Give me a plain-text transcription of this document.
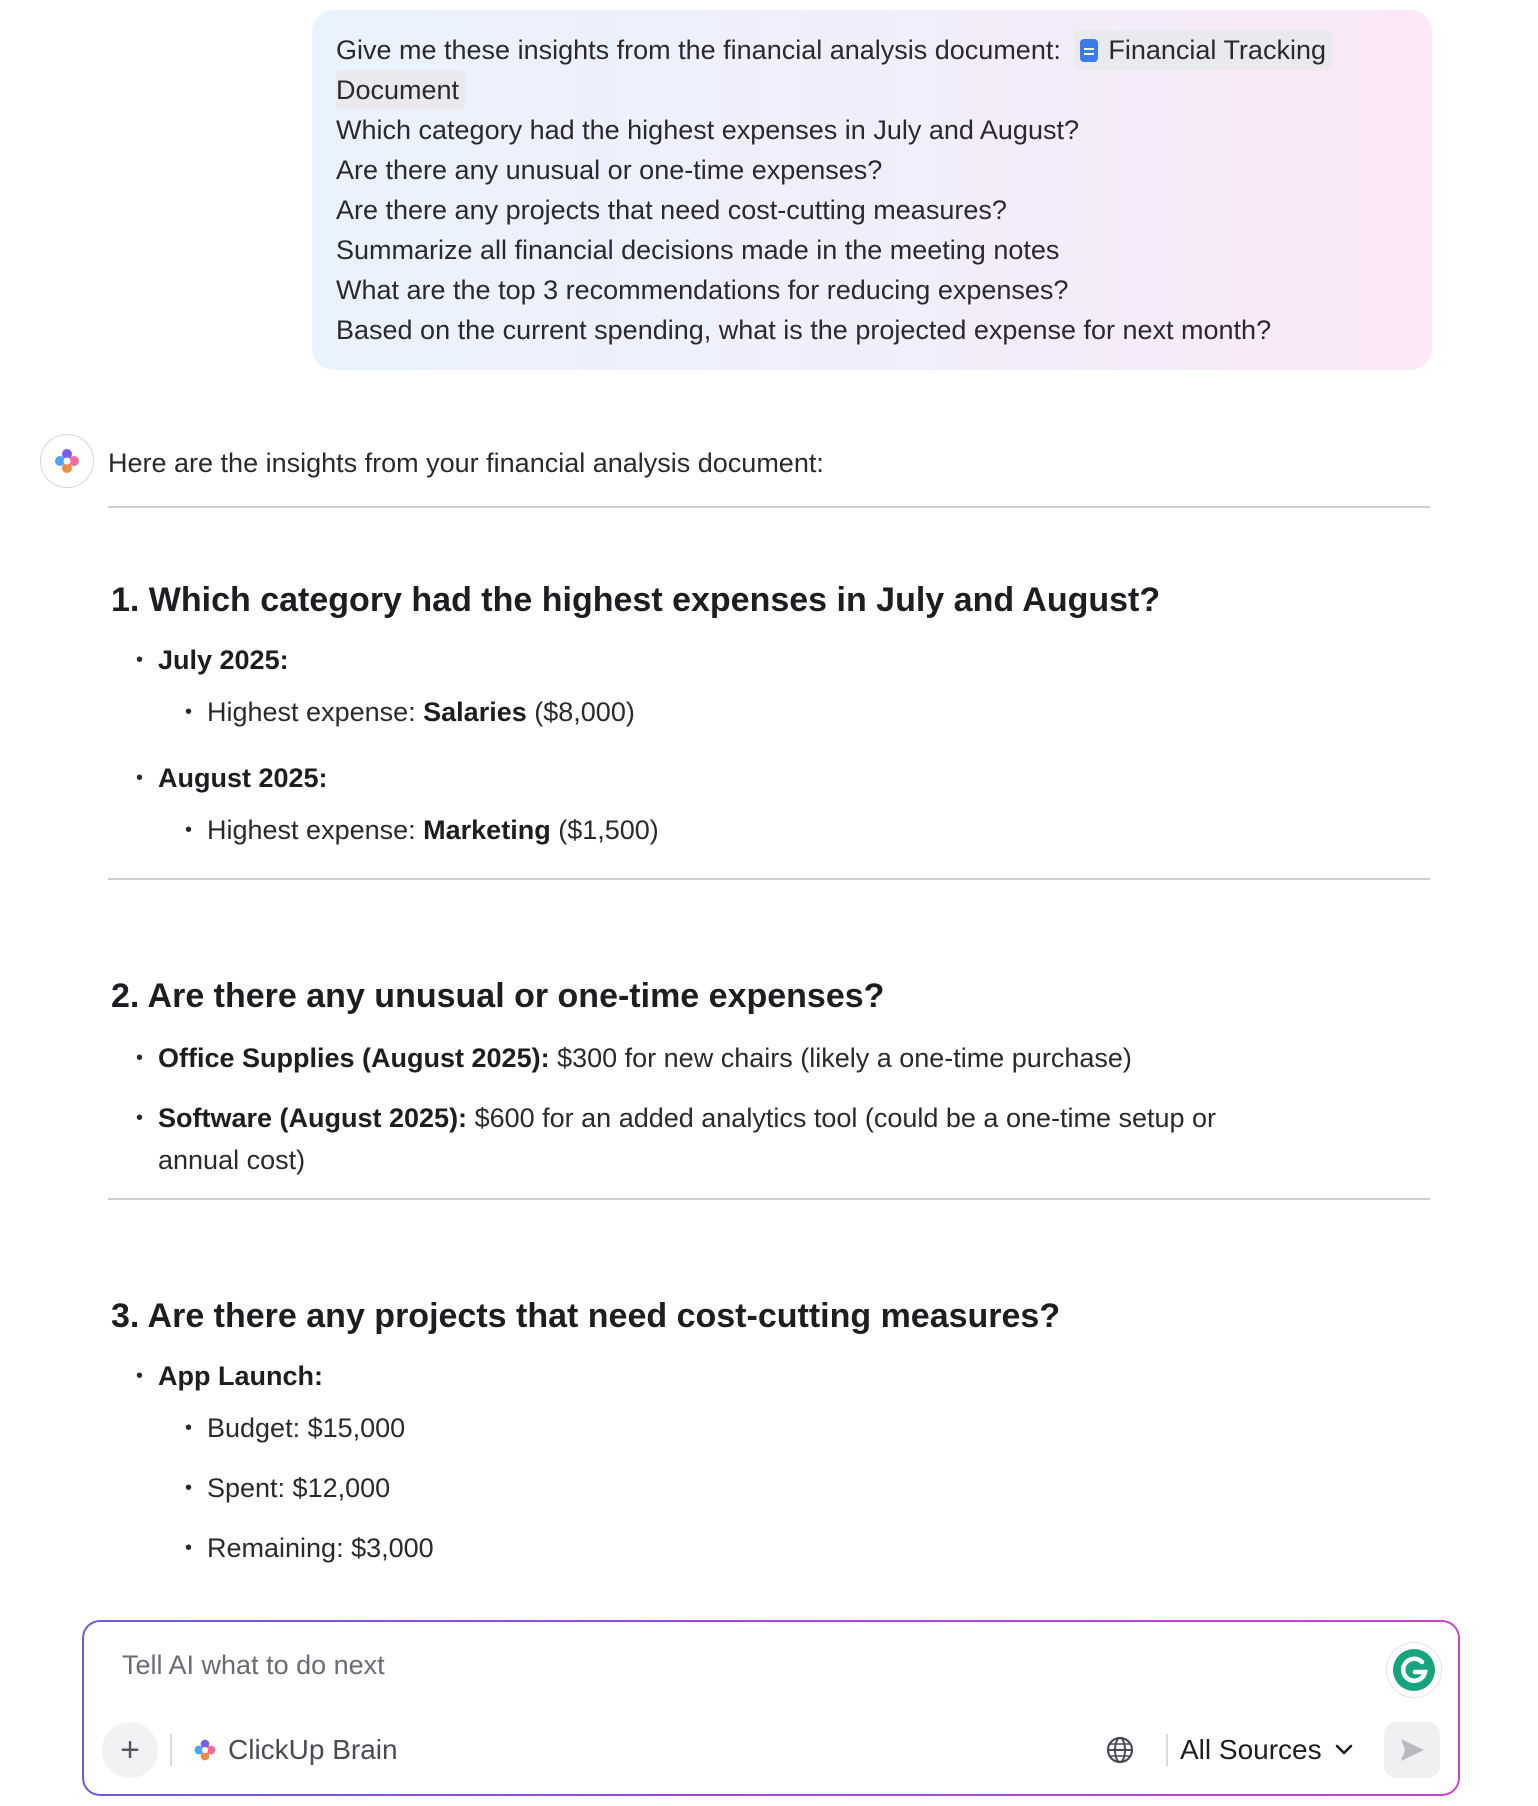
Give me these insights from the financial analysis document: Financial Tracking
Document
Which category had the highest expenses in July and August?
Are there any unusual or one-time expenses?
Are there any projects that need cost-cutting measures?
Summarize all financial decisions made in the meeting notes
What are the top 3 recommendations for reducing expenses?
Based on the current spending, what is the projected expense for next month?
Here are the insights from your financial analysis document:
1. Which category had the highest expenses in July and August?
• July 2025:
• Highest expense: Salaries ($8,000)
• August 2025:
• Highest expense: Marketing ($1,500)
2. Are there any unusual or one-time expenses?
• Office Supplies (August 2025): $300 for new chairs (likely a one-time purchase)
• Software (August 2025): $600 for an added analytics tool (could be a one-time setup or
annual cost)
3. Are there any projects that need cost-cutting measures?
• App Launch:
• Budget: $15,000
• Spent: $12,000
• Remaining: $3,000
Tell AI what to do next
+	ClickUp Brain	All Sources
